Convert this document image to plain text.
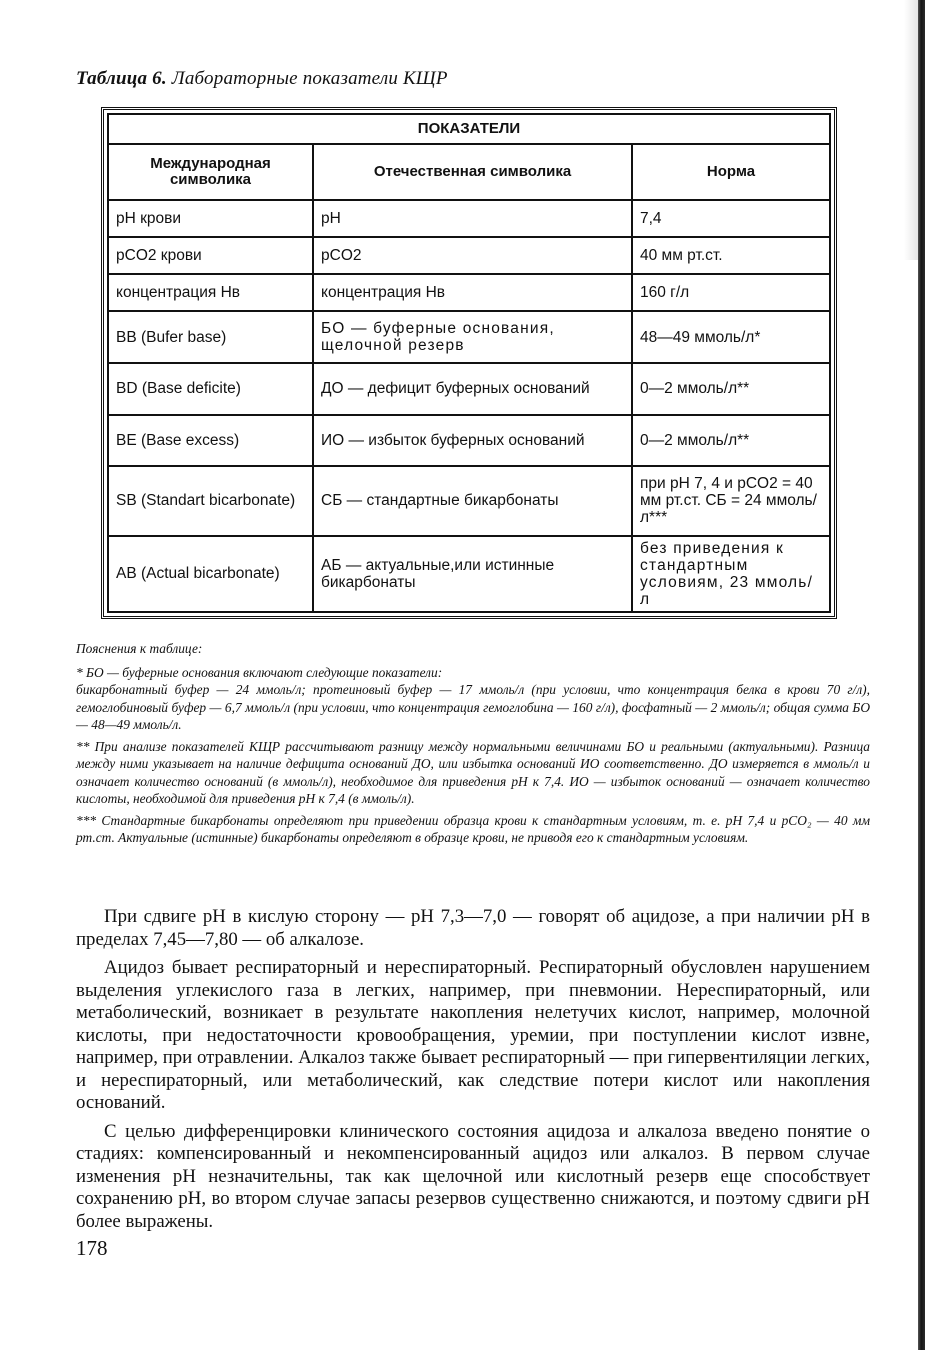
Таблица 6. Лабораторные показатели КЩР
ПОКАЗАТЕЛИ		
Международная символика	Отечественная символика	Норма
pH крови	pH	7,4
pCO2 крови	pCO2	40 мм рт.ст.
концентрация Hв	концентрация Hв	160 г/л
BB (Bufer base)	БО — буферные основания, щелочной резерв	48—49 ммоль/л*
BD (Base deficite)	ДО — дефицит буферных оснований	0—2 ммоль/л**
BE (Base excess)	ИО — избыток буферных оснований	0—2 ммоль/л**
SB (Standart bicarbonate)	СБ — стандартные бикарбонаты	при pH 7, 4 и pCO2 = 40 мм рт.ст. СБ = 24 ммоль/л***
AB (Actual bicarbonate)	АБ — актуальные,или истинные бикарбонаты	без приведения к стандартным условиям, 23 ммоль/л

Пояснения к таблице:

* БО — буферные основания включают следующие показатели:

бикарбонатный буфер — 24 ммоль/л; протеиновый буфер — 17 ммоль/л (при условии, что концентрация белка в крови 70 г/л), гемоглобиновый буфер — 6,7 ммоль/л (при условии, что концентрация гемоглобина — 160 г/л), фосфатный — 2 ммоль/л; общая сумма БО — 48—49 ммоль/л.

** При анализе показателей КЩР рассчитывают разницу между нормальными величинами БО и реальными (актуальными). Разница между ними указывает на наличие дефицита оснований ДО, или избытка оснований ИО соответственно. ДО измеряется в ммоль/л и означает количество оснований (в ммоль/л), необходимое для приведения pH к 7,4. ИО — избыток оснований — означает количество кислоты, необходимой для приведения pH к 7,4 (в ммоль/л).

*** Стандартные бикарбонаты определяют при приведении образца крови к стандартным условиям, т. е. pH 7,4 и pCO₂ — 40 мм рт.ст. Актуальные (истинные) бикарбонаты определяют в образце крови, не приводя его к стандартным условиям.

При сдвиге pH в кислую сторону — pH 7,3—7,0 — говорят об ацидозе, а при наличии pH в пределах 7,45—7,80 — об алкалозе.

Ацидоз бывает респираторный и нереспираторный. Респираторный обусловлен нарушением выделения углекислого газа в легких, например, при пневмонии. Нереспираторный, или метаболический, возникает в результате накопления нелетучих кислот, например, молочной кислоты, при недостаточности кровообращения, уремии, при поступлении кислот извне, например, при отравлении. Алкалоз также бывает респираторный — при гипервентиляции легких, и нереспираторный, или метаболический, как следствие потери кислот или накопления оснований.

С целью дифференцировки клинического состояния ацидоза и алкалоза введено понятие о стадиях: компенсированный и некомпенсированный ацидоз или алкалоз. В первом случае изменения pH незначительны, так как щелочной или кислотный резерв еще способствует сохранению pH, во втором случае запасы резервов существенно снижаются, и поэтому сдвиги pH более выражены.

178
